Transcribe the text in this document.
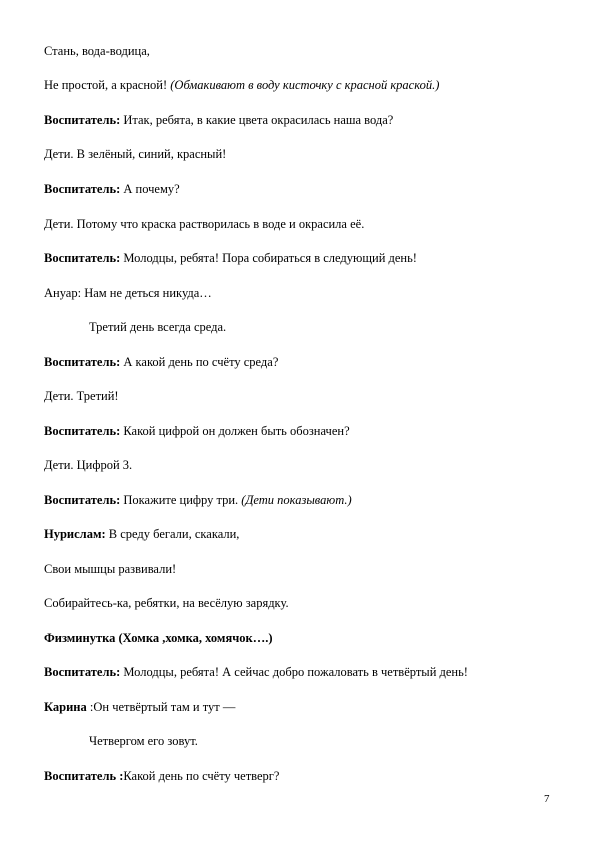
Стань, вода-водица,
Не простой, а красной! (Обмакивают в воду кисточку с красной краской.)
Воспитатель: Итак, ребята, в какие цвета окрасилась наша вода?
Дети. В зелёный, синий, красный!
Воспитатель: А почему?
Дети. Потому что краска растворилась в воде и окрасила её.
Воспитатель: Молодцы, ребята! Пора собираться в следующий день!
Ануар: Нам не деться никуда…
Третий день всегда среда.
Воспитатель: А какой день по счёту среда?
Дети. Третий!
Воспитатель: Какой цифрой он должен быть обозначен?
Дети. Цифрой 3.
Воспитатель: Покажите цифру три. (Дети показывают.)
Нурислам: В среду бегали, скакали,
Свои мышцы развивали!
Собирайтесь-ка, ребятки, на весёлую зарядку.
Физминутка (Хомка ,хомка, хомячок….)
Воспитатель: Молодцы, ребята! А сейчас добро пожаловать в четвёртый день!
Карина :Он четвёртый там и тут —
Четвергом его зовут.
Воспитатель :Какой день по счёту четверг?
7
